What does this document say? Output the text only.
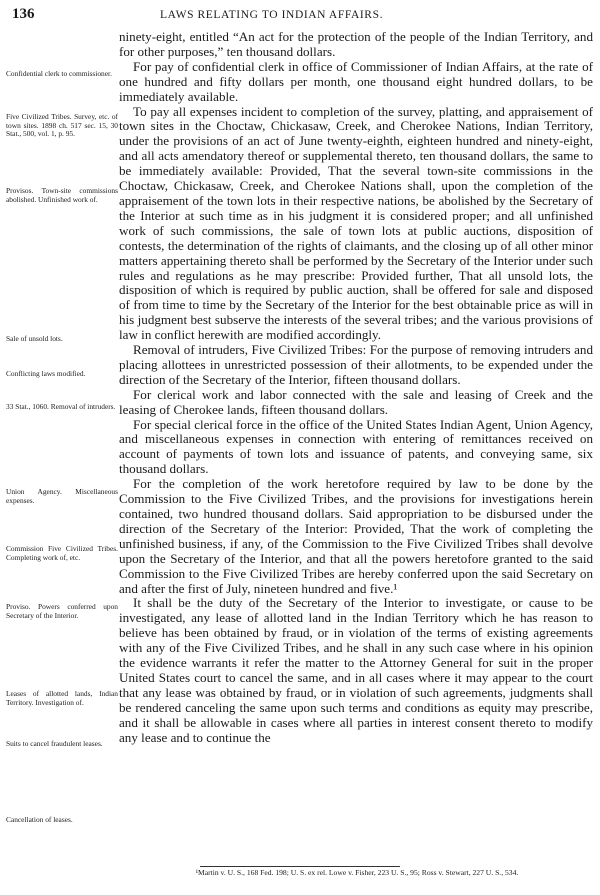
136	LAWS RELATING TO INDIAN AFFAIRS.
Confidential clerk to commissioner.
Five Civilized Tribes. Survey, etc. of town sites. 1898 ch. 517 sec. 15, 30 Stat., 500, vol. 1, p. 95.
Provisos. Town-site commissions abolished. Unfinished work of.
Sale of unsold lots.
Conflicting laws modified.
33 Stat., 1060. Removal of intruders.
Union Agency. Miscellaneous expenses.
Commission Five Civilized Tribes. Completing work of, etc.
Proviso. Powers conferred upon Secretary of the Interior.
Leases of allotted lands, Indian Territory. Investigation of.
Suits to cancel fraudulent leases.
Cancellation of leases.

ninety-eight, entitled “An act for the protection of the people of the Indian Territory, and for other purposes,” ten thousand dollars.

For pay of confidential clerk in office of Commissioner of Indian Affairs, at the rate of one hundred and fifty dollars per month, one thousand eight hundred dollars, to be immediately available.

To pay all expenses incident to completion of the survey, platting, and appraisement of town sites in the Choctaw, Chickasaw, Creek, and Cherokee Nations, Indian Territory, under the provisions of an act of June twenty-eighth, eighteen hundred and ninety-eight, and all acts amendatory thereof or supplemental thereto, ten thousand dollars, the same to be immediately available: Provided, That the several town-site commissions in the Choctaw, Chickasaw, Creek, and Cherokee Nations shall, upon the completion of the appraisement of the town lots in their respective nations, be abolished by the Secretary of the Interior at such time as in his judgment it is considered proper; and all unfinished work of such commissions, the sale of town lots at public auctions, disposition of contests, the determination of the rights of claimants, and the closing up of all other minor matters appertaining thereto shall be performed by the Secretary of the Interior under such rules and regulations as he may prescribe: Provided further, That all unsold lots, the disposition of which is required by public auction, shall be offered for sale and disposed of from time to time by the Secretary of the Interior for the best obtainable price as will in his judgment best subserve the interests of the several tribes; and the various provisions of law in conflict herewith are modified accordingly.

Removal of intruders, Five Civilized Tribes: For the purpose of removing intruders and placing allottees in unrestricted possession of their allotments, to be expended under the direction of the Secretary of the Interior, fifteen thousand dollars.

For clerical work and labor connected with the sale and leasing of Creek and the leasing of Cherokee lands, fifteen thousand dollars.

For special clerical force in the office of the United States Indian Agent, Union Agency, and miscellaneous expenses in connection with entering of remittances received on account of payments of town lots and issuance of patents, and conveying same, six thousand dollars.

For the completion of the work heretofore required by law to be done by the Commission to the Five Civilized Tribes, and the provisions for investigations herein contained, two hundred thousand dollars. Said appropriation to be disbursed under the direction of the Secretary of the Interior: Provided, That the work of completing the unfinished business, if any, of the Commission to the Five Civilized Tribes shall devolve upon the Secretary of the Interior, and that all the powers heretofore granted to the said Commission to the Five Civilized Tribes are hereby conferred upon the said Secretary on and after the first of July, nineteen hundred and five.¹

It shall be the duty of the Secretary of the Interior to investigate, or cause to be investigated, any lease of allotted land in the Indian Territory which he has reason to believe has been obtained by fraud, or in violation of the terms of existing agreements with any of the Five Civilized Tribes, and he shall in any such case where in his opinion the evidence warrants it refer the matter to the Attorney General for suit in the proper United States court to cancel the same, and in all cases where it may appear to the court that any lease was obtained by fraud, or in violation of such agreements, judgments shall be rendered canceling the same upon such terms and conditions as equity may prescribe, and it shall be allowable in cases where all parties in interest consent thereto to modify any lease and to continue the

¹Martin v. U. S., 168 Fed. 198; U. S. ex rel. Lowe v. Fisher, 223 U. S., 95; Ross v. Stewart, 227 U. S., 534.
